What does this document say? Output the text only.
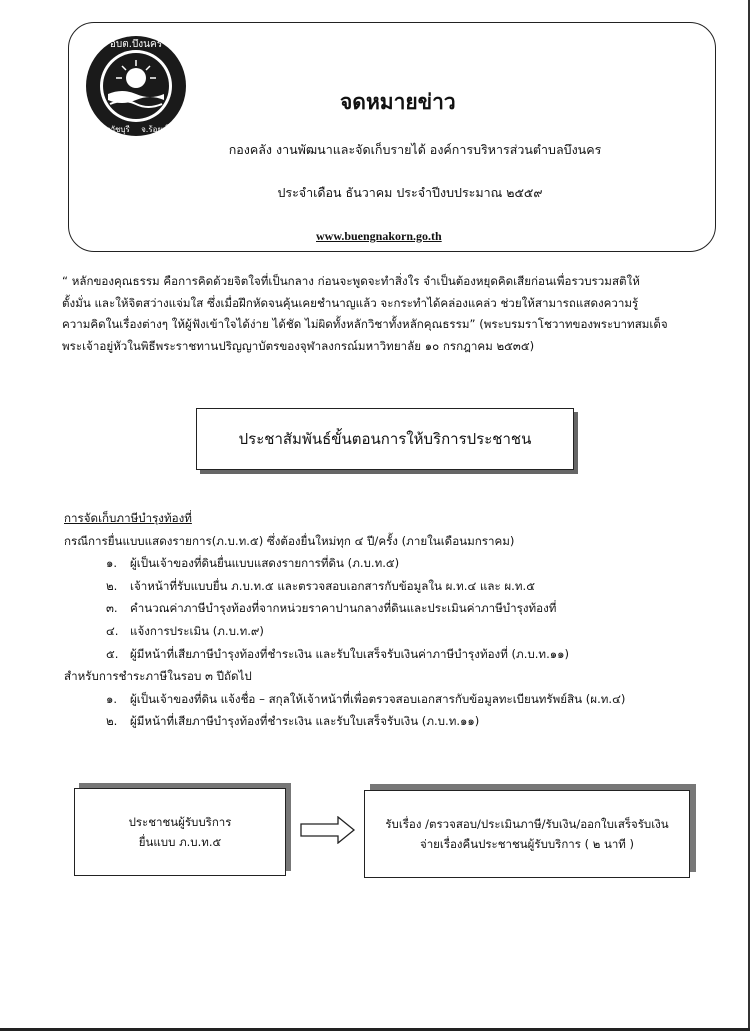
อบต.บึงนคร
อ.ธวัชบุรี จ.ร้อยเอ็ด
จดหมายข่าว
กองคลัง งานพัฒนาและจัดเก็บรายได้ องค์การบริหารส่วนตำบลบึงนคร
ประจำเดือน ธันวาคม ประจำปีงบประมาณ ๒๕๕๙
www.buengnakorn.go.th
“ หลักของคุณธรรม คือการคิดด้วยจิตใจที่เป็นกลาง ก่อนจะพูดจะทำสิ่งใร จำเป็นต้องหยุดคิดเสียก่อนเพื่อรวบรวมสติให้
ตั้งมั่น และให้จิตสว่างแจ่มใส ซึ่งเมื่อฝึกหัดจนคุ้นเคยชำนาญแล้ว จะกระทำได้คล่องแคล่ว ช่วยให้สามารถแสดงความรู้
ความคิดในเรื่องต่างๆ ให้ผู้ฟังเข้าใจได้ง่าย ได้ชัด ไม่ผิดทั้งหลักวิชาทั้งหลักคุณธรรม” (พระบรมราโชวาทของพระบาทสมเด็จ
พระเจ้าอยู่หัวในพิธีพระราชทานปริญญาบัตรของจุฬาลงกรณ์มหาวิทยาลัย ๑๐ กรกฎาคม ๒๕๓๕)
ประชาสัมพันธ์ขั้นตอนการให้บริการประชาชน
การจัดเก็บภาษีบำรุงท้องที่
กรณีการยื่นแบบแสดงรายการ(ภ.บ.ท.๕) ซึ่งต้องยื่นใหม่ทุก ๔ ปี/ครั้ง (ภายในเดือนมกราคม)
๑. ผู้เป็นเจ้าของที่ดินยื่นแบบแสดงรายการที่ดิน (ภ.บ.ท.๕)
๒. เจ้าหน้าที่รับแบบยื่น ภ.บ.ท.๕ และตรวจสอบเอกสารกับข้อมูลใน ผ.ท.๔ และ ผ.ท.๕
๓. คำนวณค่าภาษีบำรุงท้องที่จากหน่วยราคาปานกลางที่ดินและประเมินค่าภาษีบำรุงท้องที่
๔. แจ้งการประเมิน (ภ.บ.ท.๙)
๕. ผู้มีหน้าที่เสียภาษีบำรุงท้องที่ชำระเงิน และรับใบเสร็จรับเงินค่าภาษีบำรุงท้องที่ (ภ.บ.ท.๑๑)
สำหรับการชำระภาษีในรอบ ๓ ปีถัดไป
๑. ผู้เป็นเจ้าของที่ดิน แจ้งชื่อ – สกุลให้เจ้าหน้าที่เพื่อตรวจสอบเอกสารกับข้อมูลทะเบียนทรัพย์สิน (ผ.ท.๔)
๒. ผู้มีหน้าที่เสียภาษีบำรุงท้องที่ชำระเงิน และรับใบเสร็จรับเงิน (ภ.บ.ท.๑๑)
ประชาชนผู้รับบริการ
ยื่นแบบ ภ.บ.ท.๕
รับเรื่อง /ตรวจสอบ/ประเมินภาษี/รับเงิน/ออกใบเสร็จรับเงิน
จ่ายเรื่องคืนประชาชนผู้รับบริการ ( ๒ นาที )
